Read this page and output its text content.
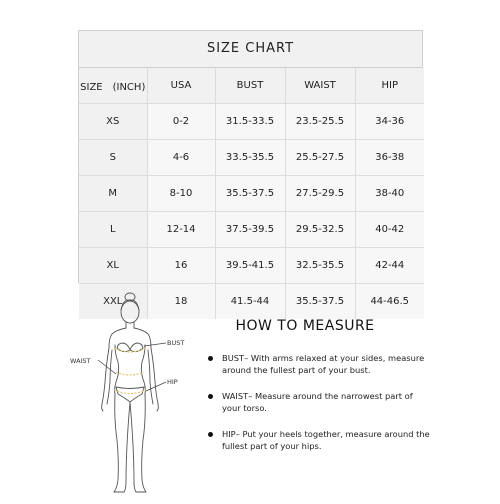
SIZE CHART
SIZE　(INCH)	USA	BUST	WAIST	HIP
XS	0-2	31.5-33.5	23.5-25.5	34-36
S	4-6	33.5-35.5	25.5-27.5	36-38
M	8-10	35.5-37.5	27.5-29.5	38-40
L	12-14	37.5-39.5	29.5-32.5	40-42
XL	16	39.5-41.5	32.5-35.5	42-44
XXL	18	41.5-44	35.5-37.5	44-46.5
BUST
WAIST
HIP
HOW TO MEASURE
BUST– With arms relaxed at your sides, measure around the fullest part of your bust.
WAIST– Measure around the narrowest part of your torso.
HIP– Put your heels together, measure around the fullest part of your hips.
